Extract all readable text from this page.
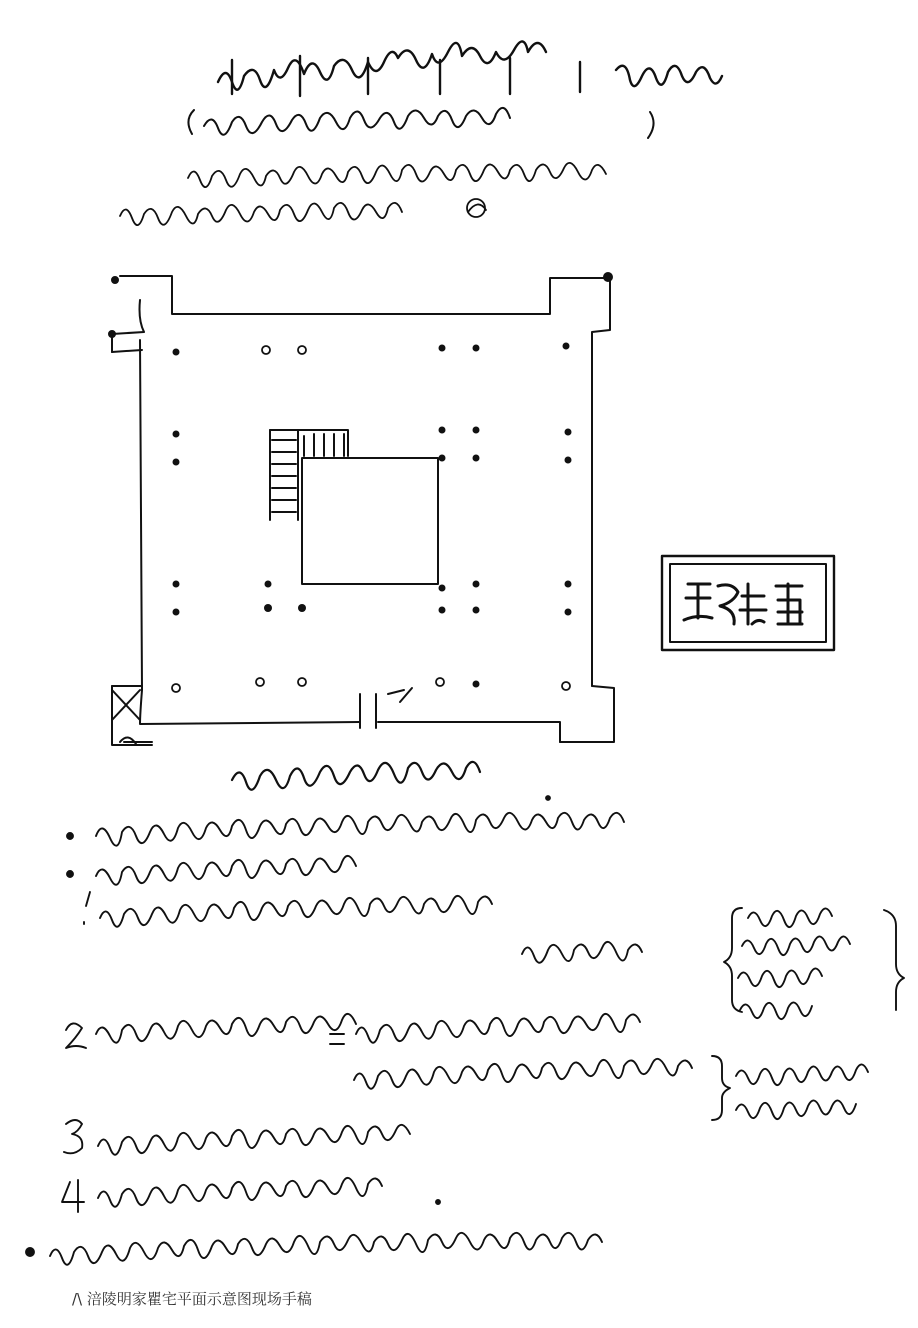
/\ 涪陵明家瞿宅平面示意图现场手稿
